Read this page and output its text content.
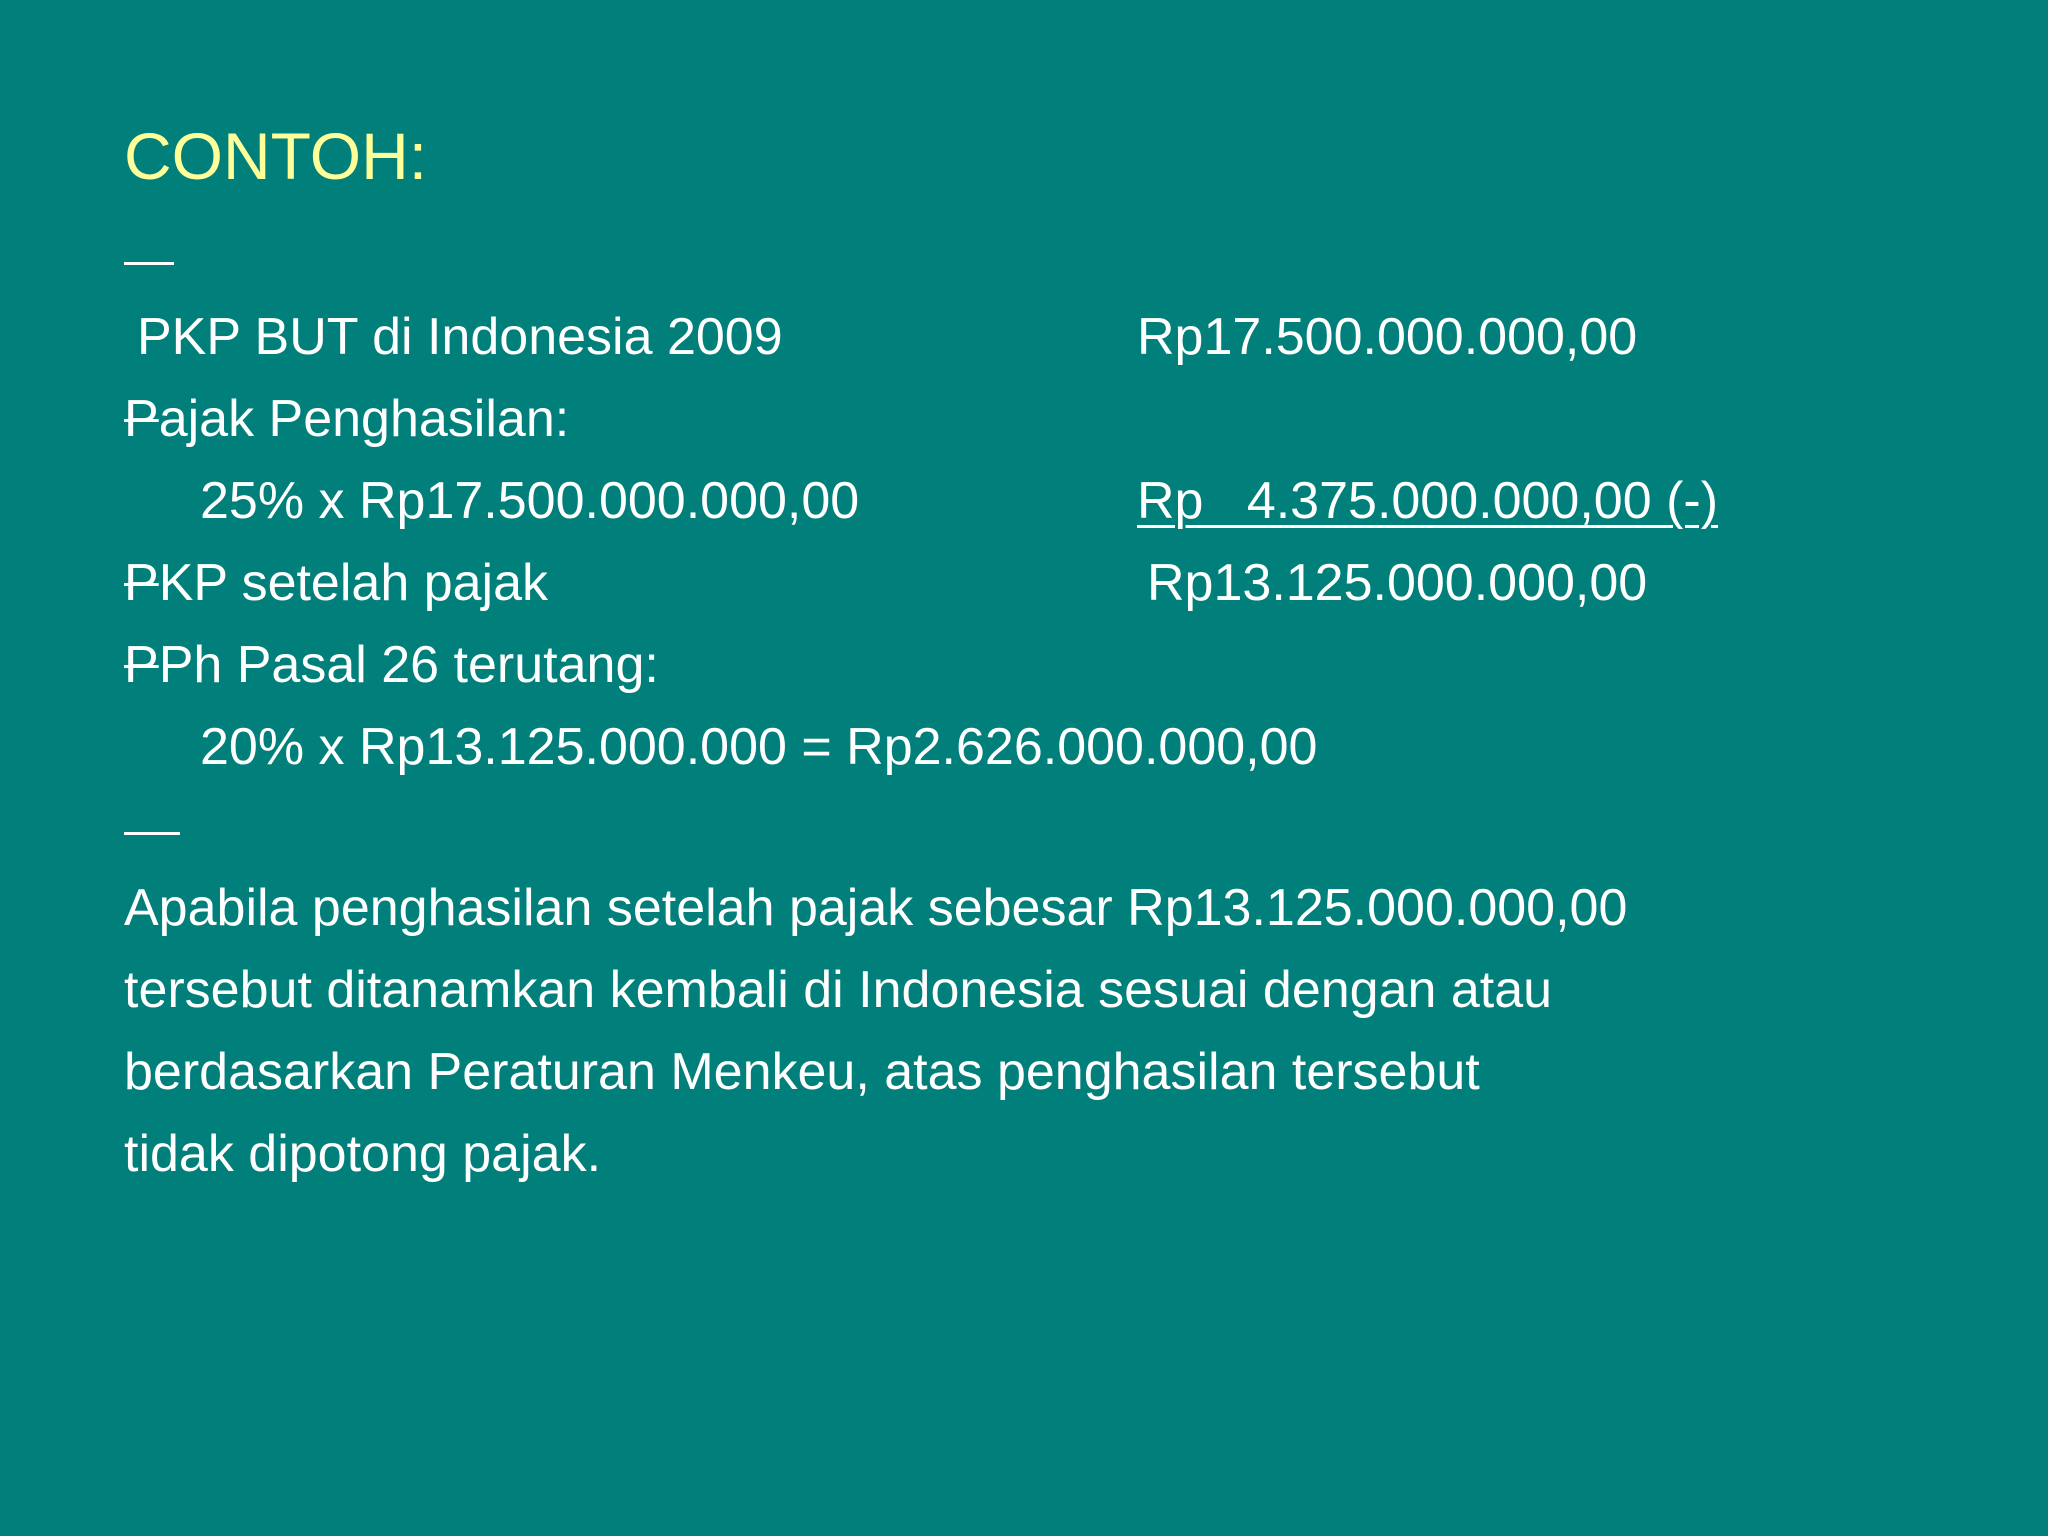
CONTOH:
PKP BUT di Indonesia 2009	Rp17.500.000.000,00
Pajak Penghasilan:
25% x Rp17.500.000.000,00	Rp   4.375.000.000,00 (-)
PKP setelah pajak	Rp13.125.000.000,00
PPh Pasal 26 terutang:
20% x Rp13.125.000.000 = Rp2.626.000.000,00
Apabila penghasilan setelah pajak sebesar Rp13.125.000.000,00
tersebut ditanamkan kembali di Indonesia sesuai dengan atau
berdasarkan Peraturan Menkeu, atas penghasilan tersebut
tidak dipotong pajak.
